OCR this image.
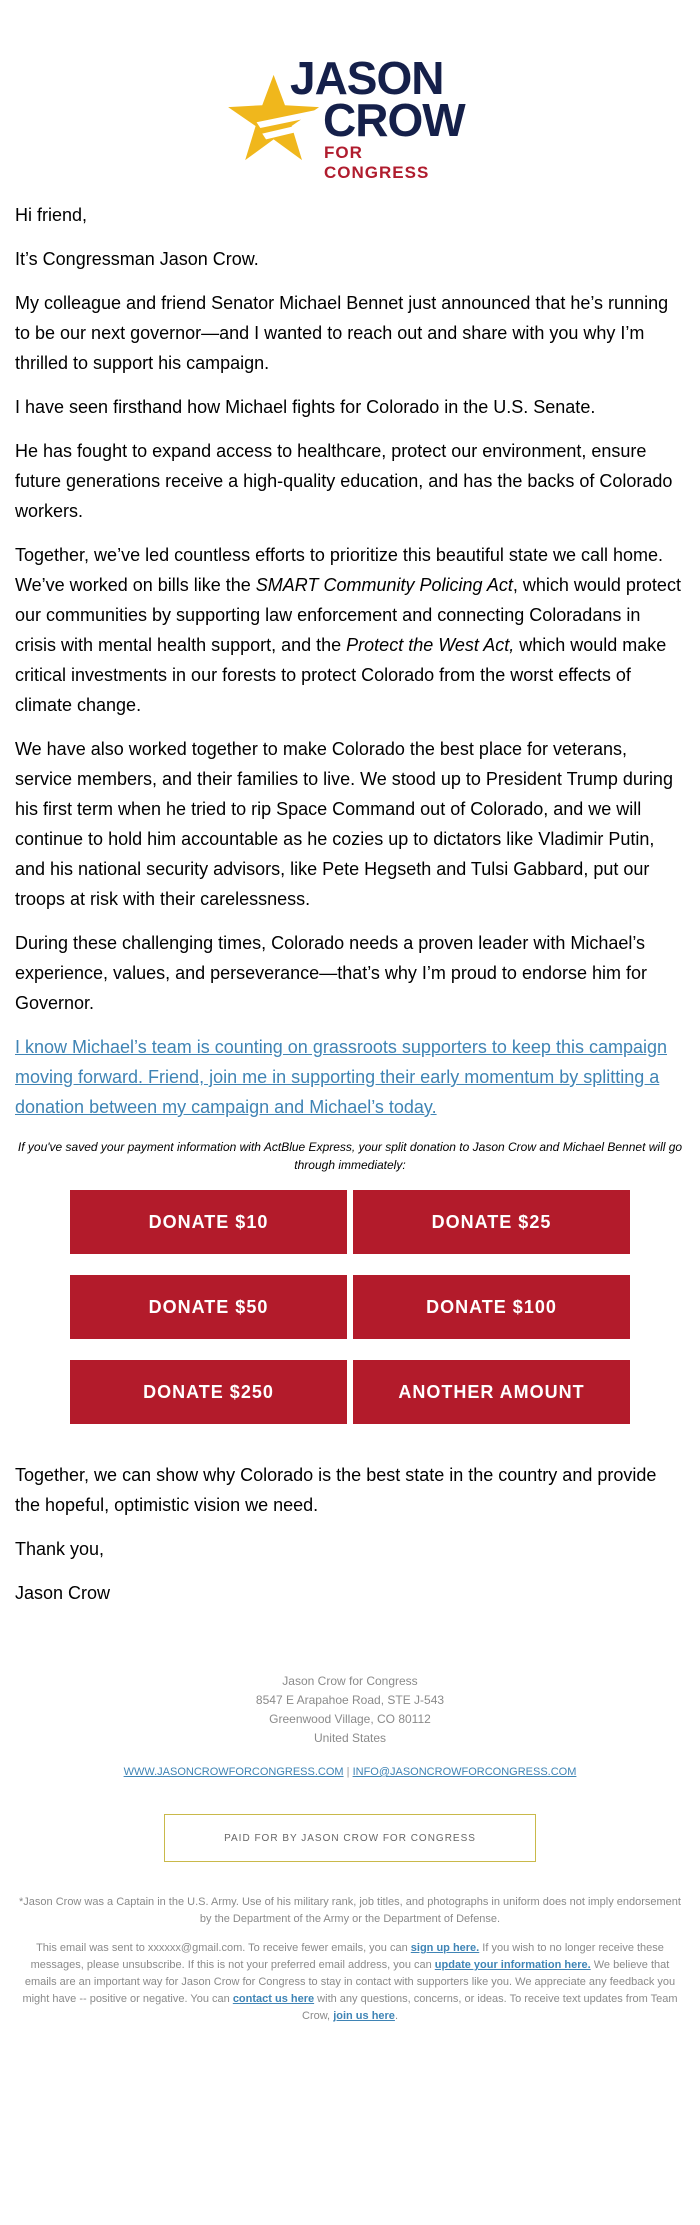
JASON
CROW
FOR CONGRESS

Hi friend,

It’s Congressman Jason Crow.

My colleague and friend Senator Michael Bennet just announced that he’s running to be our next governor—and I wanted to reach out and share with you why I’m thrilled to support his campaign.

I have seen firsthand how Michael fights for Colorado in the U.S. Senate.

He has fought to expand access to healthcare, protect our environment, ensure future generations receive a high-quality education, and has the backs of Colorado workers.

Together, we’ve led countless efforts to prioritize this beautiful state we call home. We’ve worked on bills like the SMART Community Policing Act, which would protect our communities by supporting law enforcement and connecting Coloradans in crisis with mental health support, and the Protect the West Act, which would make critical investments in our forests to protect Colorado from the worst effects of climate change.

We have also worked together to make Colorado the best place for veterans, service members, and their families to live. We stood up to President Trump during his first term when he tried to rip Space Command out of Colorado, and we will continue to hold him accountable as he cozies up to dictators like Vladimir Putin, and his national security advisors, like Pete Hegseth and Tulsi Gabbard, put our troops at risk with their carelessness.

During these challenging times, Colorado needs a proven leader with Michael’s experience, values, and perseverance—that’s why I’m proud to endorse him for Governor.

I know Michael’s team is counting on grassroots supporters to keep this campaign moving forward. Friend, join me in supporting their early momentum by splitting a donation between my campaign and Michael’s today.

If you've saved your payment information with ActBlue Express, your split donation to Jason Crow and Michael Bennet will go through immediately:

DONATE $10	DONATE $25
DONATE $50	DONATE $100
DONATE $250	ANOTHER AMOUNT

Together, we can show why Colorado is the best state in the country and provide the hopeful, optimistic vision we need.

Thank you,

Jason Crow

Jason Crow for Congress
8547 E Arapahoe Road, STE J-543
Greenwood Village, CO 80112
United States
WWW.JASONCROWFORCONGRESS.COM | INFO@JASONCROWFORCONGRESS.COM
PAID FOR BY JASON CROW FOR CONGRESS

*Jason Crow was a Captain in the U.S. Army. Use of his military rank, job titles, and photographs in uniform does not imply endorsement by the Department of the Army or the Department of Defense.

This email was sent to xxxxxx@gmail.com. To receive fewer emails, you can sign up here. If you wish to no longer receive these messages, please unsubscribe. If this is not your preferred email address, you can update your information here. We believe that emails are an important way for Jason Crow for Congress to stay in contact with supporters like you. We appreciate any feedback you might have -- positive or negative. You can contact us here with any questions, concerns, or ideas. To receive text updates from Team Crow, join us here.
